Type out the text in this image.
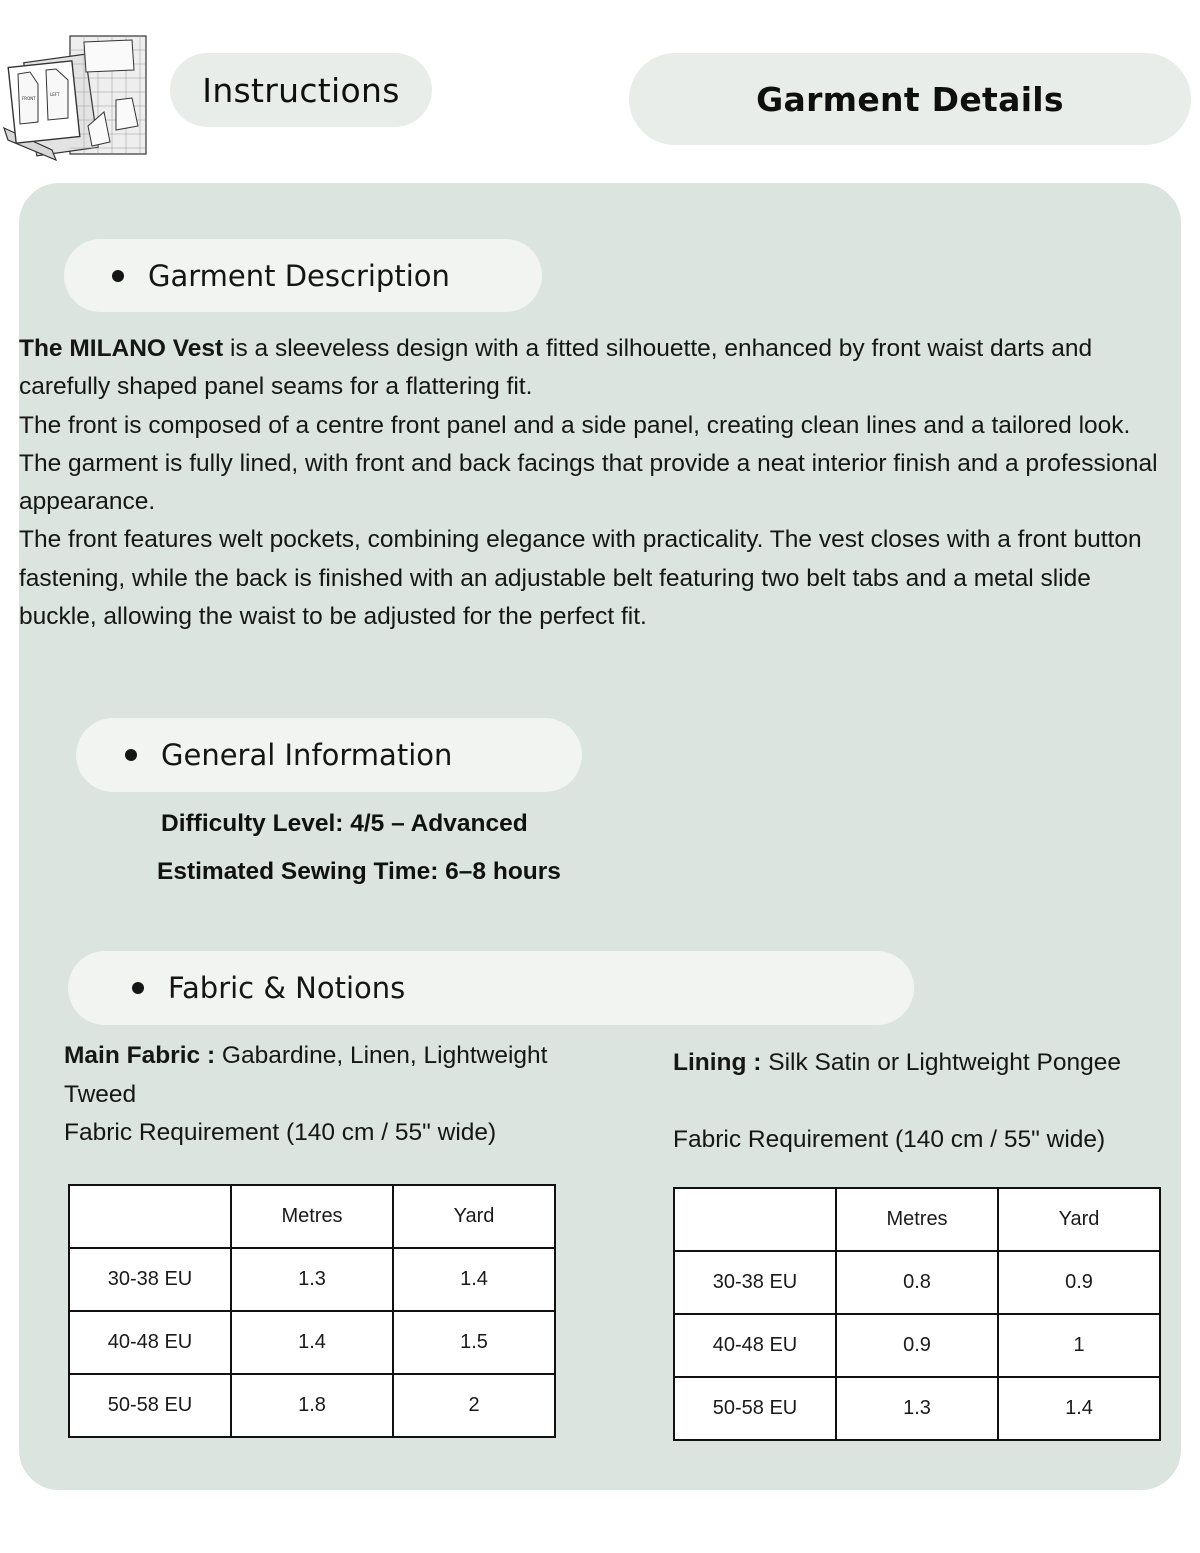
FRONT
LEFT	Instructions	Garment Details
Garment Description

The MILANO Vest is a sleeveless design with a fitted silhouette, enhanced by front waist darts and carefully shaped panel seams for a flattering fit.

The front is composed of a centre front panel and a side panel, creating clean lines and a tailored look. The garment is fully lined, with front and back facings that provide a neat interior finish and a professional appearance.

The front features welt pockets, combining elegance with practicality. The vest closes with a front button fastening, while the back is finished with an adjustable belt featuring two belt tabs and a metal slide buckle, allowing the waist to be adjusted for the perfect fit.

General Information
Difficulty Level: 4/5 – Advanced
Estimated Sewing Time: 6–8 hours
Fabric & Notions
Main Fabric : Gabardine, Linen, Lightweight Tweed
Fabric Requirement (140 cm / 55" wide)
Lining : Silk Satin or Lightweight Pongee
Fabric Requirement (140 cm / 55" wide)
	Metres	Yard
30-38 EU	1.3	1.4
40-48 EU	1.4	1.5
50-58 EU	1.8	2
	Metres	Yard
30-38 EU	0.8	0.9
40-48 EU	0.9	1
50-58 EU	1.3	1.4
